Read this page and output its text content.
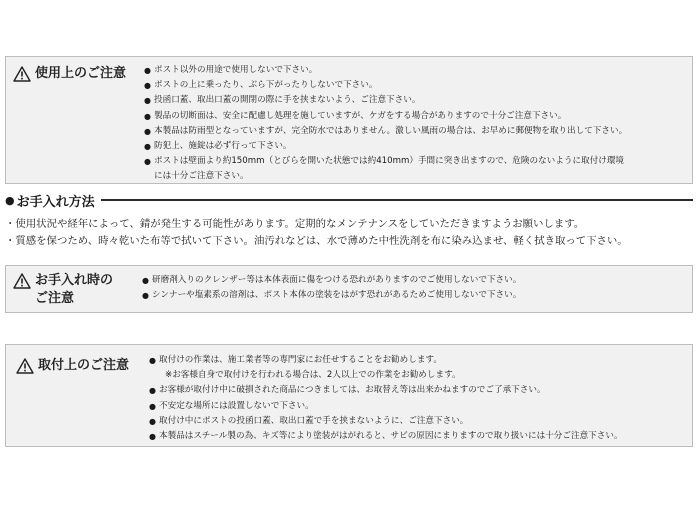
使用上のご注意	● ポスト以外の用途で使用しないで下さい。
● ポストの上に乗ったり、ぶら下がったりしないで下さい。
● 投函口蓋、取出口蓋の開閉の際に手を挟まないよう、ご注意下さい。
● 製品の切断面は、安全に配慮し処理を施していますが、ケガをする場合がありますので十分ご注意下さい。
● 本製品は防雨型となっていますが、完全防水ではありません。激しい風雨の場合は、お早めに郵便物を取り出して下さい。
● 防犯上、施錠は必ず行って下さい。
● ポストは壁面より約150mm（とびらを開いた状態では約410mm）手間に突き出ますので、危険のないように取付け環境
には十分ご注意下さい。
● お手入れ方法
・使用状況や経年によって、錆が発生する可能性があります。定期的なメンテナンスをしていただきますようお願いします。
・質感を保つため、時々乾いた布等で拭いて下さい。油汚れなどは、水で薄めた中性洗剤を布に染み込ませ、軽く拭き取って下さい。
お手入れ時の
ご注意
● 研磨剤入りのクレンザー等は本体表面に傷をつける恐れがありますのでご使用しないで下さい。
● シンナーや塩素系の溶剤は、ポスト本体の塗装をはがす恐れがあるためご使用しないで下さい。
取付上のご注意	● 取付けの作業は、施工業者等の専門家にお任せすることをお勧めします。
※お客様自身で取付けを行われる場合は、2人以上での作業をお勧めします。
● お客様が取付け中に破損された商品につきましては、お取替え等は出来かねますのでご了承下さい。
● 不安定な場所には設置しないで下さい。
● 取付け中にポストの投函口蓋、取出口蓋で手を挟まないように、ご注意下さい。
● 本製品はスチール製の為、キズ等により塗装がはがれると、サビの原因にまりますので取り扱いには十分ご注意下さい。
